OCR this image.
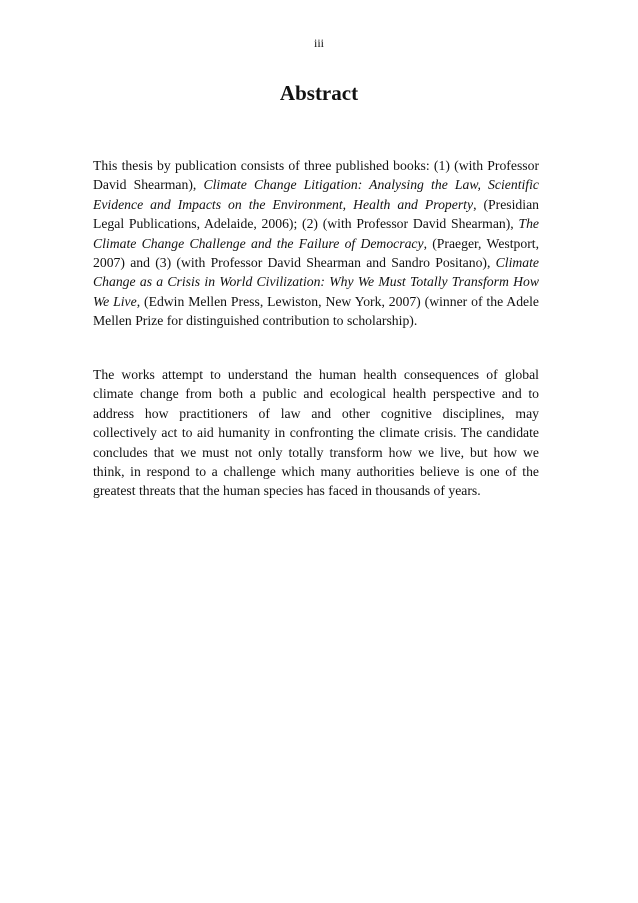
iii
Abstract

This thesis by publication consists of three published books: (1) (with Professor David Shearman), Climate Change Litigation: Analysing the Law, Scientific Evidence and Impacts on the Environment, Health and Property, (Presidian Legal Publications, Adelaide, 2006); (2) (with Professor David Shearman), The Climate Change Challenge and the Failure of Democracy, (Praeger, Westport, 2007) and (3) (with Professor David Shearman and Sandro Positano), Climate Change as a Crisis in World Civilization: Why We Must Totally Transform How We Live, (Edwin Mellen Press, Lewiston, New York, 2007) (winner of the Adele Mellen Prize for distinguished contribution to scholarship).

The works attempt to understand the human health consequences of global climate change from both a public and ecological health perspective and to address how practitioners of law and other cognitive disciplines, may collectively act to aid humanity in confronting the climate crisis. The candidate concludes that we must not only totally transform how we live, but how we think, in respond to a challenge which many authorities believe is one of the greatest threats that the human species has faced in thousands of years.
